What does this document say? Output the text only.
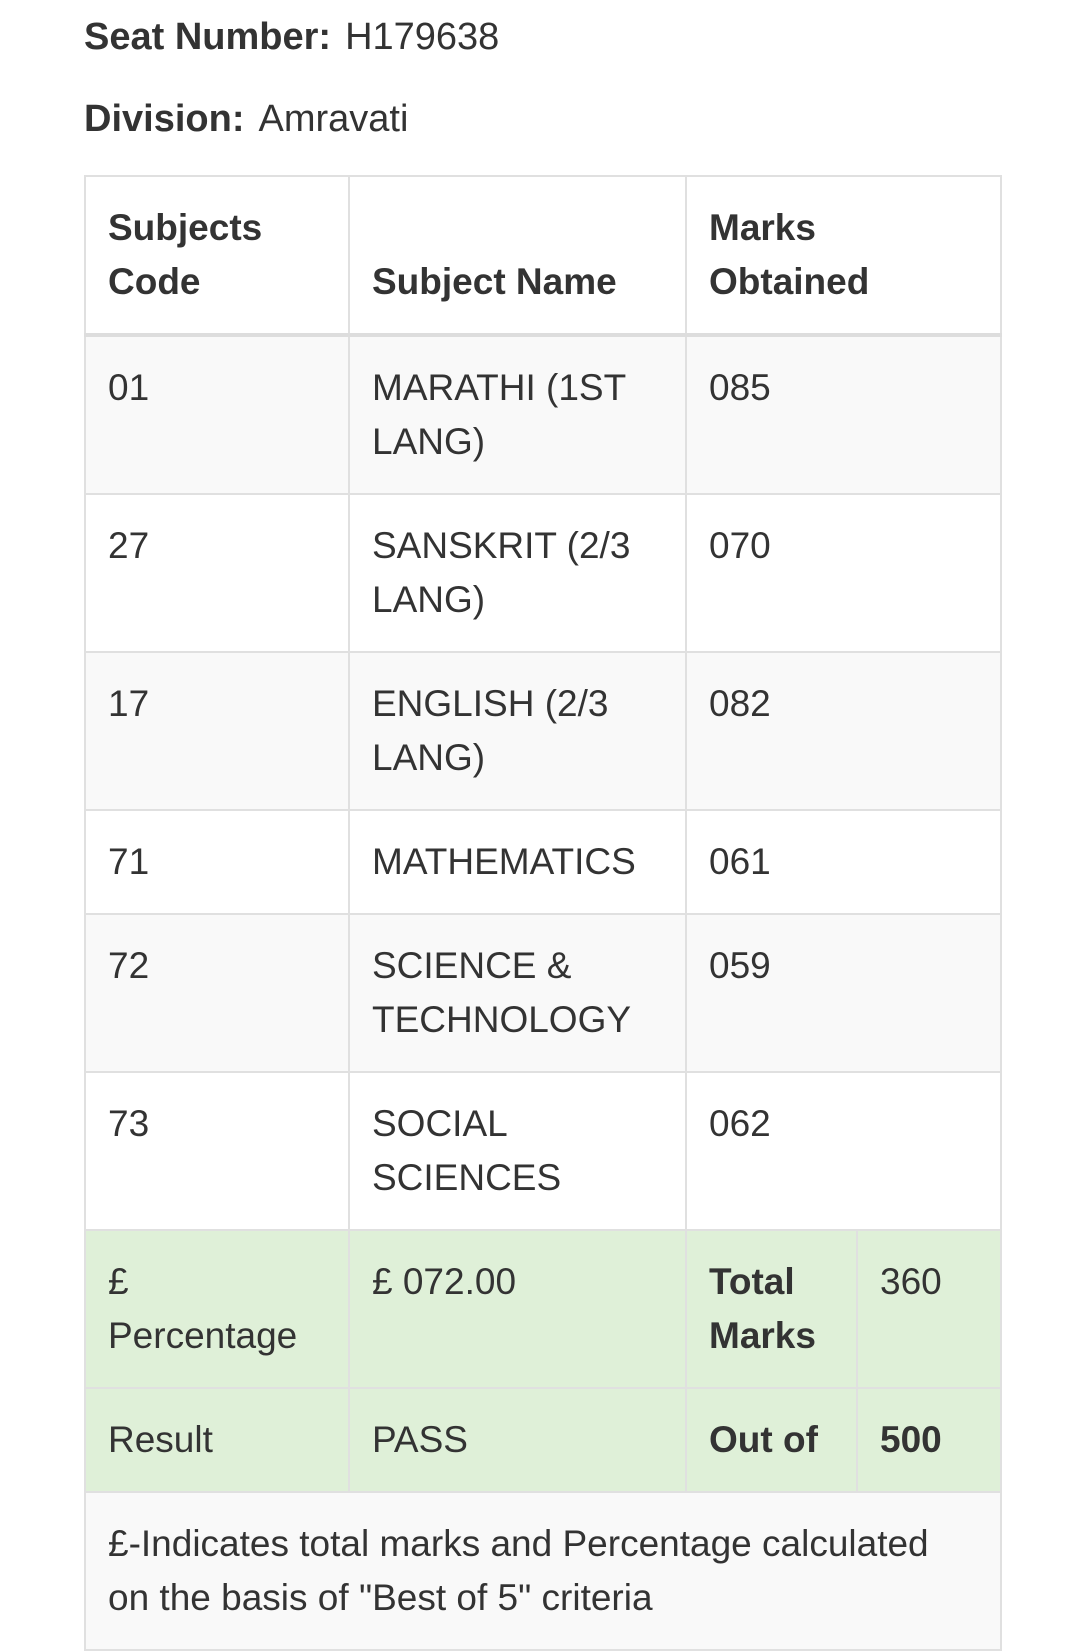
Seat Number: H179638
Division: Amravati
Subjects Code	Subject Name	Marks Obtained	
01	MARATHI (1ST LANG)	085	
27	SANSKRIT (2/3 LANG)	070	
17	ENGLISH (2/3 LANG)	082	
71	MATHEMATICS	061	
72	SCIENCE & TECHNOLOGY	059	
73	SOCIAL SCIENCES	062	
£ Percentage	£ 072.00	Total Marks	360
Result	PASS	Out of	500
£-Indicates total marks and Percentage calculated on the basis of "Best of 5" criteria			
